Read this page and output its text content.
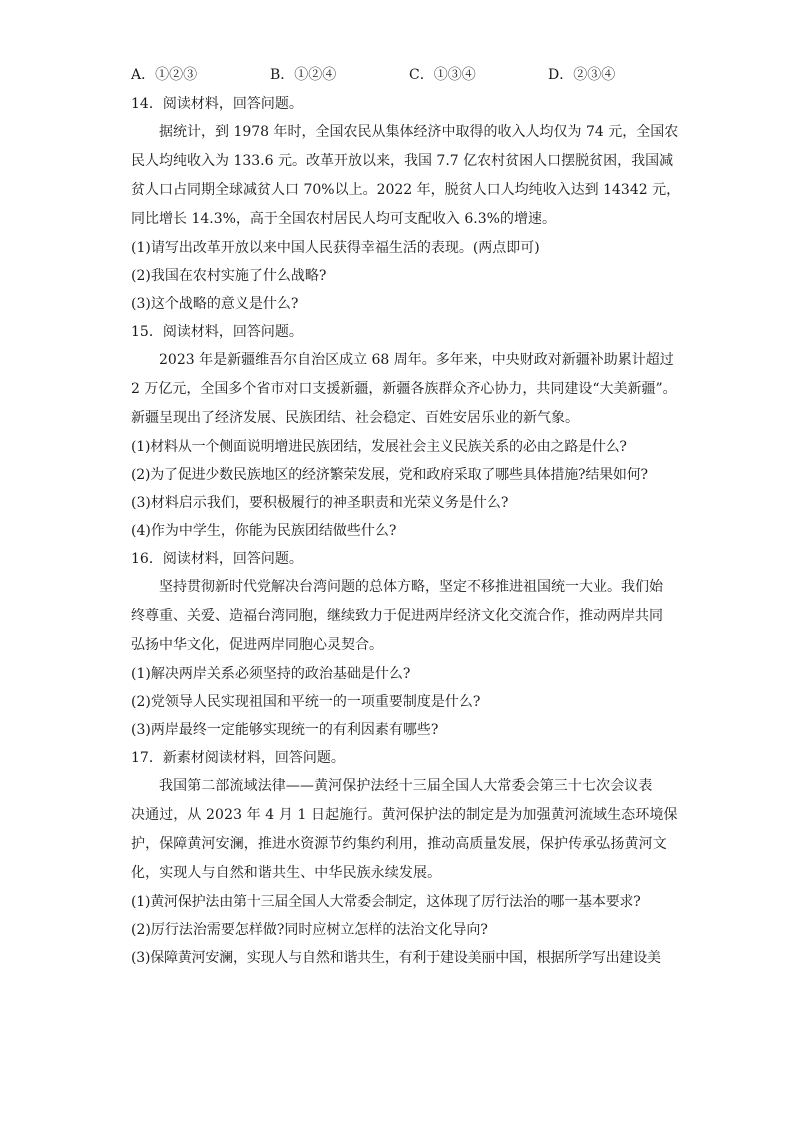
A．①②③	B．①②④	C．①③④	D．②③④
14．阅读材料，回答问题。
据统计，到 1978 年时，全国农民从集体经济中取得的收入人均仅为 74 元，全国农
民人均纯收入为 133.6 元。改革开放以来，我国 7.7 亿农村贫困人口摆脱贫困，我国减
贫人口占同期全球减贫人口 70%以上。2022 年，脱贫人口人均纯收入达到 14342 元，
同比增长 14.3%，高于全国农村居民人均可支配收入 6.3%的增速。
(1)请写出改革开放以来中国人民获得幸福生活的表现。(两点即可)
(2)我国在农村实施了什么战略?
(3)这个战略的意义是什么?
15．阅读材料，回答问题。
2023 年是新疆维吾尔自治区成立 68 周年。多年来，中央财政对新疆补助累计超过
2 万亿元，全国多个省市对口支援新疆，新疆各族群众齐心协力，共同建设“大美新疆”。
新疆呈现出了经济发展、民族团结、社会稳定、百姓安居乐业的新气象。
(1)材料从一个侧面说明增进民族团结，发展社会主义民族关系的必由之路是什么?
(2)为了促进少数民族地区的经济繁荣发展，党和政府采取了哪些具体措施?结果如何?
(3)材料启示我们，要积极履行的神圣职责和光荣义务是什么?
(4)作为中学生，你能为民族团结做些什么?
16．阅读材料，回答问题。
坚持贯彻新时代党解决台湾问题的总体方略，坚定不移推进祖国统一大业。我们始
终尊重、关爱、造福台湾同胞，继续致力于促进两岸经济文化交流合作，推动两岸共同
弘扬中华文化，促进两岸同胞心灵契合。
(1)解决两岸关系必须坚持的政治基础是什么?
(2)党领导人民实现祖国和平统一的一项重要制度是什么?
(3)两岸最终一定能够实现统一的有利因素有哪些?
17．新素材阅读材料，回答问题。
我国第二部流域法律——黄河保护法经十三届全国人大常委会第三十七次会议表
决通过，从 2023 年 4 月 1 日起施行。黄河保护法的制定是为加强黄河流域生态环境保
护，保障黄河安澜，推进水资源节约集约利用，推动高质量发展，保护传承弘扬黄河文
化，实现人与自然和谐共生、中华民族永续发展。
(1)黄河保护法由第十三届全国人大常委会制定，这体现了厉行法治的哪一基本要求?
(2)厉行法治需要怎样做?同时应树立怎样的法治文化导向?
(3)保障黄河安澜，实现人与自然和谐共生，有利于建设美丽中国，根据所学写出建设美
